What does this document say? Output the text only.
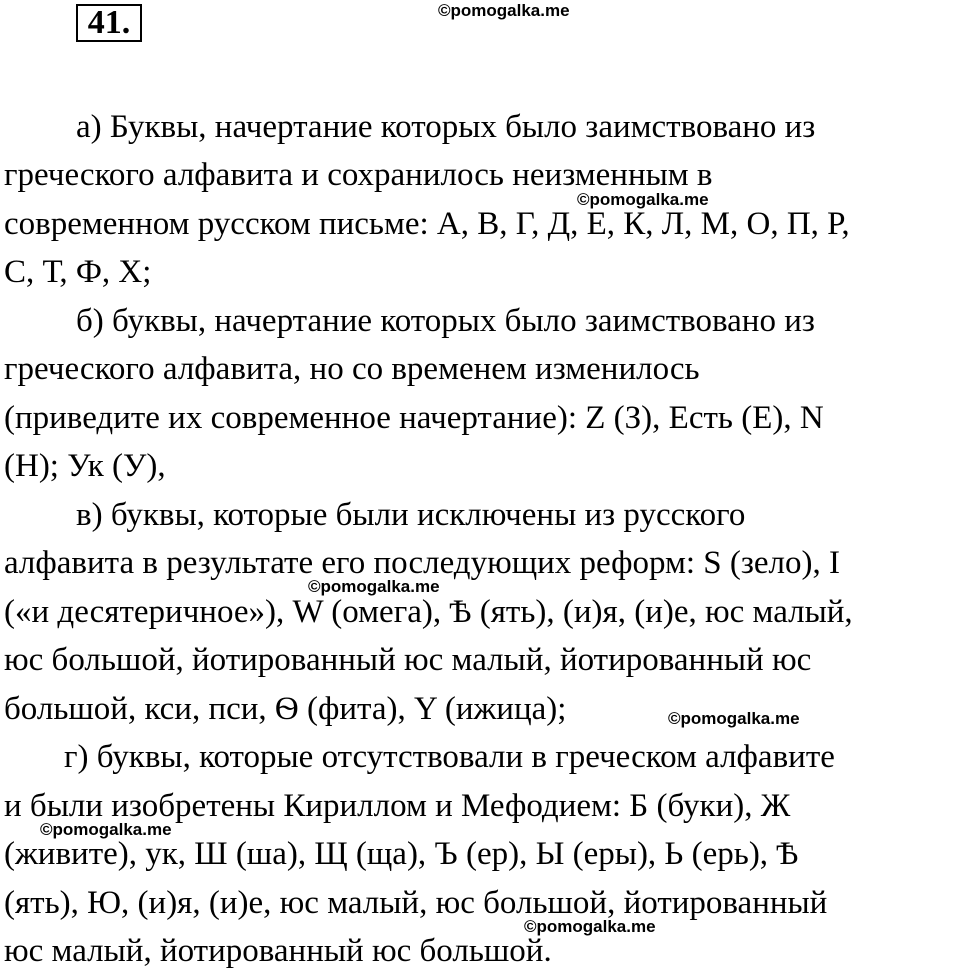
41.	©pomogalka.me
а) Буквы, начертание которых было заимствовано из
греческого алфавита и сохранилось неизменным в
современном русском письме: А, В, Г, Д, Е, К, Л, М, О, П, Р,
С, Т, Ф, Х;
б) буквы, начертание которых было заимствовано из
греческого алфавита, но со временем изменилось
(приведите их современное начертание): Z (З), Есть (Е), N
(Н); Ук (У),
в) буквы, которые были исключены из русского
алфавита в результате его последующих реформ: S (зело), I
(«и десятеричное»), W (омега), Ѣ (ять), (и)я, (и)е, юс малый,
юс большой, йотированный юс малый, йотированный юс
большой, кси, пси, Ѳ (фита), Y (ижица);
г) буквы, которые отсутствовали в греческом алфавите
и были изобретены Кириллом и Мефодием: Б (буки), Ж
(живите), ук, Ш (ша), Щ (ща), Ъ (ер), Ы (еры), Ь (ерь), Ѣ
(ять), Ю, (и)я, (и)е, юс малый, юс большой, йотированный
юс малый, йотированный юс большой.
©pomogalka.me
©pomogalka.me
©pomogalka.me
©pomogalka.me
©pomogalka.me
